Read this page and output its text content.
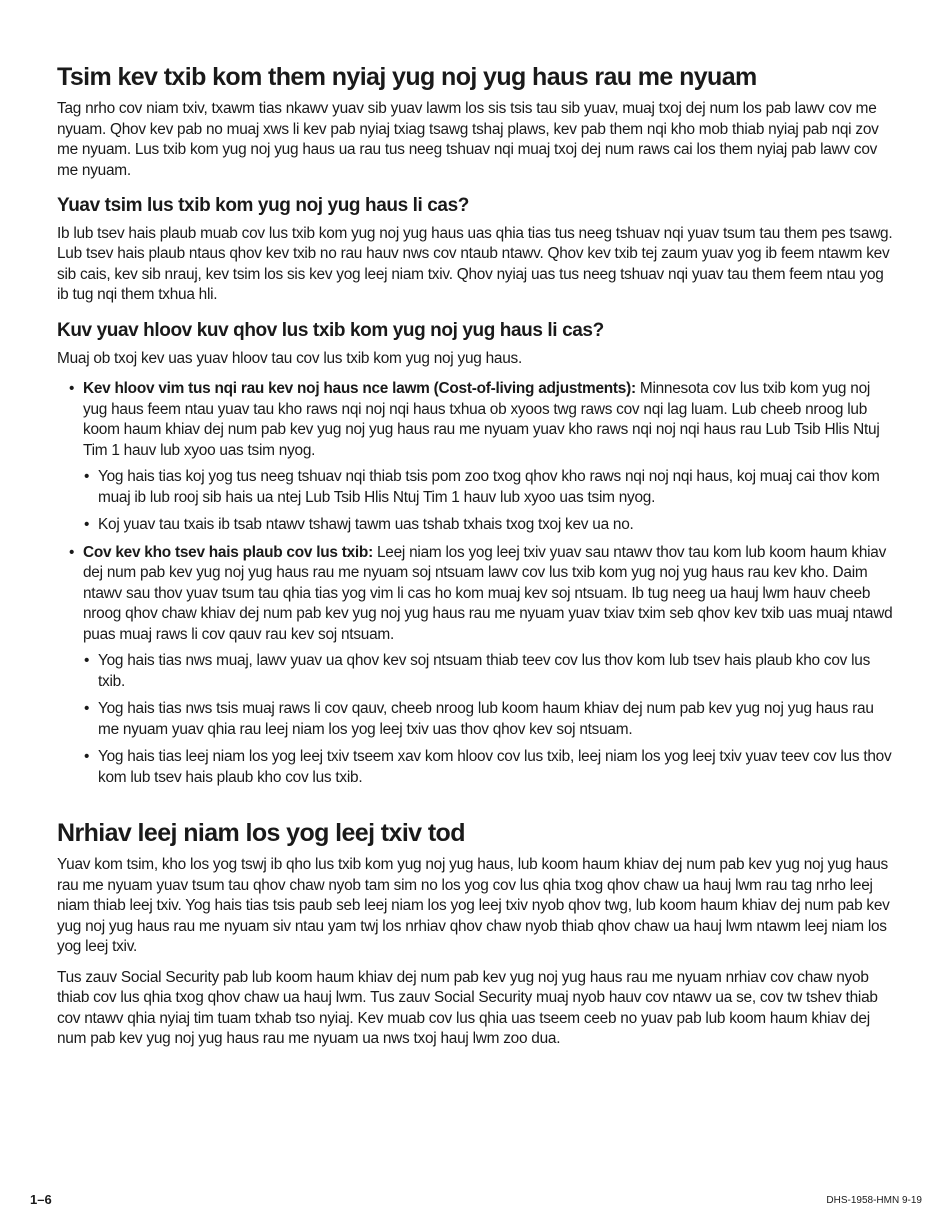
Tsim kev txib kom them nyiaj yug noj yug haus rau me nyuam

Tag nrho cov niam txiv, txawm tias nkawv yuav sib yuav lawm los sis tsis tau sib yuav, muaj txoj dej num los pab lawv cov me nyuam. Qhov kev pab no muaj xws li kev pab nyiaj txiag tsawg tshaj plaws, kev pab them nqi kho mob thiab nyiaj pab nqi zov me nyuam. Lus txib kom yug noj yug haus ua rau tus neeg tshuav nqi muaj txoj dej num raws cai los them nyiaj pab lawv cov me nyuam.

Yuav tsim lus txib kom yug noj yug haus li cas?

Ib lub tsev hais plaub muab cov lus txib kom yug noj yug haus uas qhia tias tus neeg tshuav nqi yuav tsum tau them pes tsawg. Lub tsev hais plaub ntaus qhov kev txib no rau hauv nws cov ntaub ntawv. Qhov kev txib tej zaum yuav yog ib feem ntawm kev sib cais, kev sib nrauj, kev tsim los sis kev yog leej niam txiv. Qhov nyiaj uas tus neeg tshuav nqi yuav tau them feem ntau yog ib tug nqi them txhua hli.

Kuv yuav hloov kuv qhov lus txib kom yug noj yug haus li cas?

Muaj ob txoj kev uas yuav hloov tau cov lus txib kom yug noj yug haus.

• Kev hloov vim tus nqi rau kev noj haus nce lawm (Cost-of-living adjustments): Minnesota cov lus txib kom yug noj yug haus feem ntau yuav tau kho raws nqi noj nqi haus txhua ob xyoos twg raws cov nqi lag luam. Lub cheeb nroog lub koom haum khiav dej num pab kev yug noj yug haus rau me nyuam yuav kho raws nqi noj nqi haus rau Lub Tsib Hlis Ntuj Tim 1 hauv lub xyoo uas tsim nyog.
• Yog hais tias koj yog tus neeg tshuav nqi thiab tsis pom zoo txog qhov kho raws nqi noj nqi haus, koj muaj cai thov kom muaj ib lub rooj sib hais ua ntej Lub Tsib Hlis Ntuj Tim 1 hauv lub xyoo uas tsim nyog.
• Koj yuav tau txais ib tsab ntawv tshawj tawm uas tshab txhais txog txoj kev ua no.
• Cov kev kho tsev hais plaub cov lus txib: Leej niam los yog leej txiv yuav sau ntawv thov tau kom lub koom haum khiav dej num pab kev yug noj yug haus rau me nyuam soj ntsuam lawv cov lus txib kom yug noj yug haus rau kev kho. Daim ntawv sau thov yuav tsum tau qhia tias yog vim li cas ho kom muaj kev soj ntsuam. Ib tug neeg ua hauj lwm hauv cheeb nroog qhov chaw khiav dej num pab kev yug noj yug haus rau me nyuam yuav txiav txim seb qhov kev txib uas muaj ntawd puas muaj raws li cov qauv rau kev soj ntsuam.
• Yog hais tias nws muaj, lawv yuav ua qhov kev soj ntsuam thiab teev cov lus thov kom lub tsev hais plaub kho cov lus txib.
• Yog hais tias nws tsis muaj raws li cov qauv, cheeb nroog lub koom haum khiav dej num pab kev yug noj yug haus rau me nyuam yuav qhia rau leej niam los yog leej txiv uas thov qhov kev soj ntsuam.
• Yog hais tias leej niam los yog leej txiv tseem xav kom hloov cov lus txib, leej niam los yog leej txiv yuav teev cov lus thov kom lub tsev hais plaub kho cov lus txib.
Nrhiav leej niam los yog leej txiv tod

Yuav kom tsim, kho los yog tswj ib qho lus txib kom yug noj yug haus, lub koom haum khiav dej num pab kev yug noj yug haus rau me nyuam yuav tsum tau qhov chaw nyob tam sim no los yog cov lus qhia txog qhov chaw ua hauj lwm rau tag nrho leej niam thiab leej txiv. Yog hais tias tsis paub seb leej niam los yog leej txiv nyob qhov twg, lub koom haum khiav dej num pab kev yug noj yug haus rau me nyuam siv ntau yam twj los nrhiav qhov chaw nyob thiab qhov chaw ua hauj lwm ntawm leej niam los yog leej txiv.

Tus zauv Social Security pab lub koom haum khiav dej num pab kev yug noj yug haus rau me nyuam nrhiav cov chaw nyob thiab cov lus qhia txog qhov chaw ua hauj lwm. Tus zauv Social Security muaj nyob hauv cov ntawv ua se, cov tw tshev thiab cov ntawv qhia nyiaj tim tuam txhab tso nyiaj. Kev muab cov lus qhia uas tseem ceeb no yuav pab lub koom haum khiav dej num pab kev yug noj yug haus rau me nyuam ua nws txoj hauj lwm zoo dua.

1–6	DHS-1958-HMN 9-19
